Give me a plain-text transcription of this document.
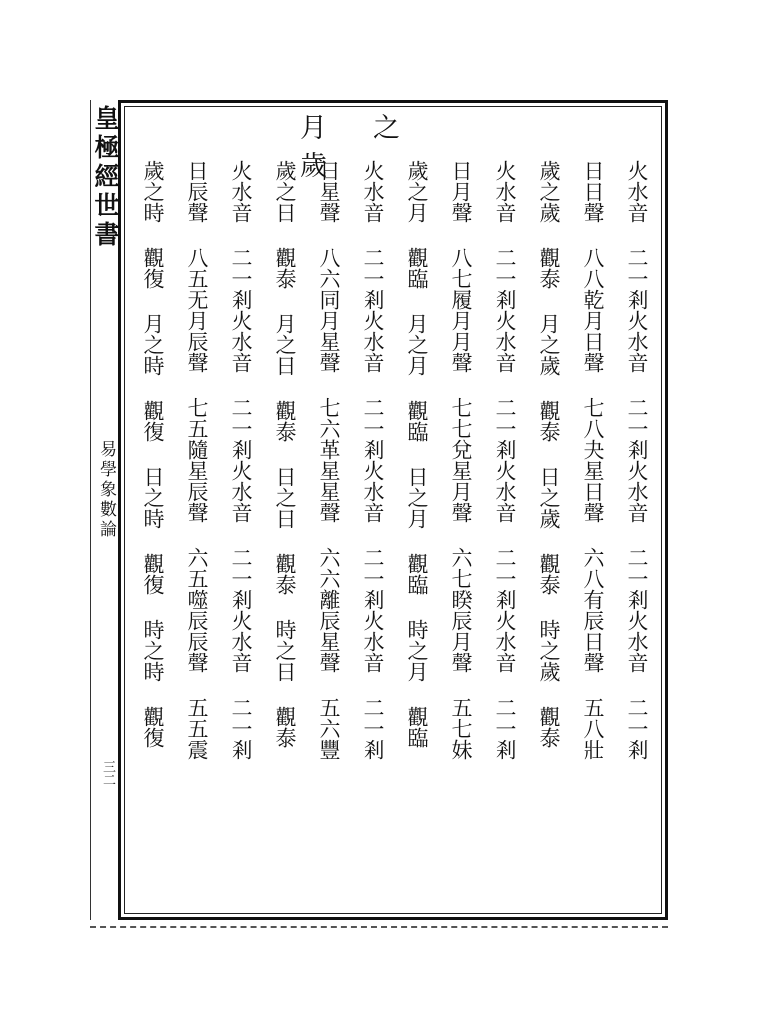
皇極經世書
易學象數論
三二
月之歲	火水音 二一剎火水音 二一剎火水音 二一剎火水音 二一剎
日日聲 八八乾月日聲 七八夬星日聲 六八有辰日聲 五八壯
歲之歲 觀泰 月之歲 觀泰 日之歲 觀泰 時之歲 觀泰
火水音 二一剎火水音 二一剎火水音 二一剎火水音 二一剎
日月聲 八七履月月聲 七七兌星月聲 六七睽辰月聲 五七妹
歲之月 觀臨 月之月 觀臨 日之月 觀臨 時之月 觀臨
火水音 二一剎火水音 二一剎火水音 二一剎火水音 二一剎
日星聲 八六同月星聲 七六革星星聲 六六離辰星聲 五六豐
歲之日 觀泰 月之日 觀泰 日之日 觀泰 時之日 觀泰
火水音 二一剎火水音 二一剎火水音 二一剎火水音 二一剎
日辰聲 八五无月辰聲 七五隨星辰聲 六五噬辰辰聲 五五震
歲之時 觀復 月之時 觀復 日之時 觀復 時之時 觀復
